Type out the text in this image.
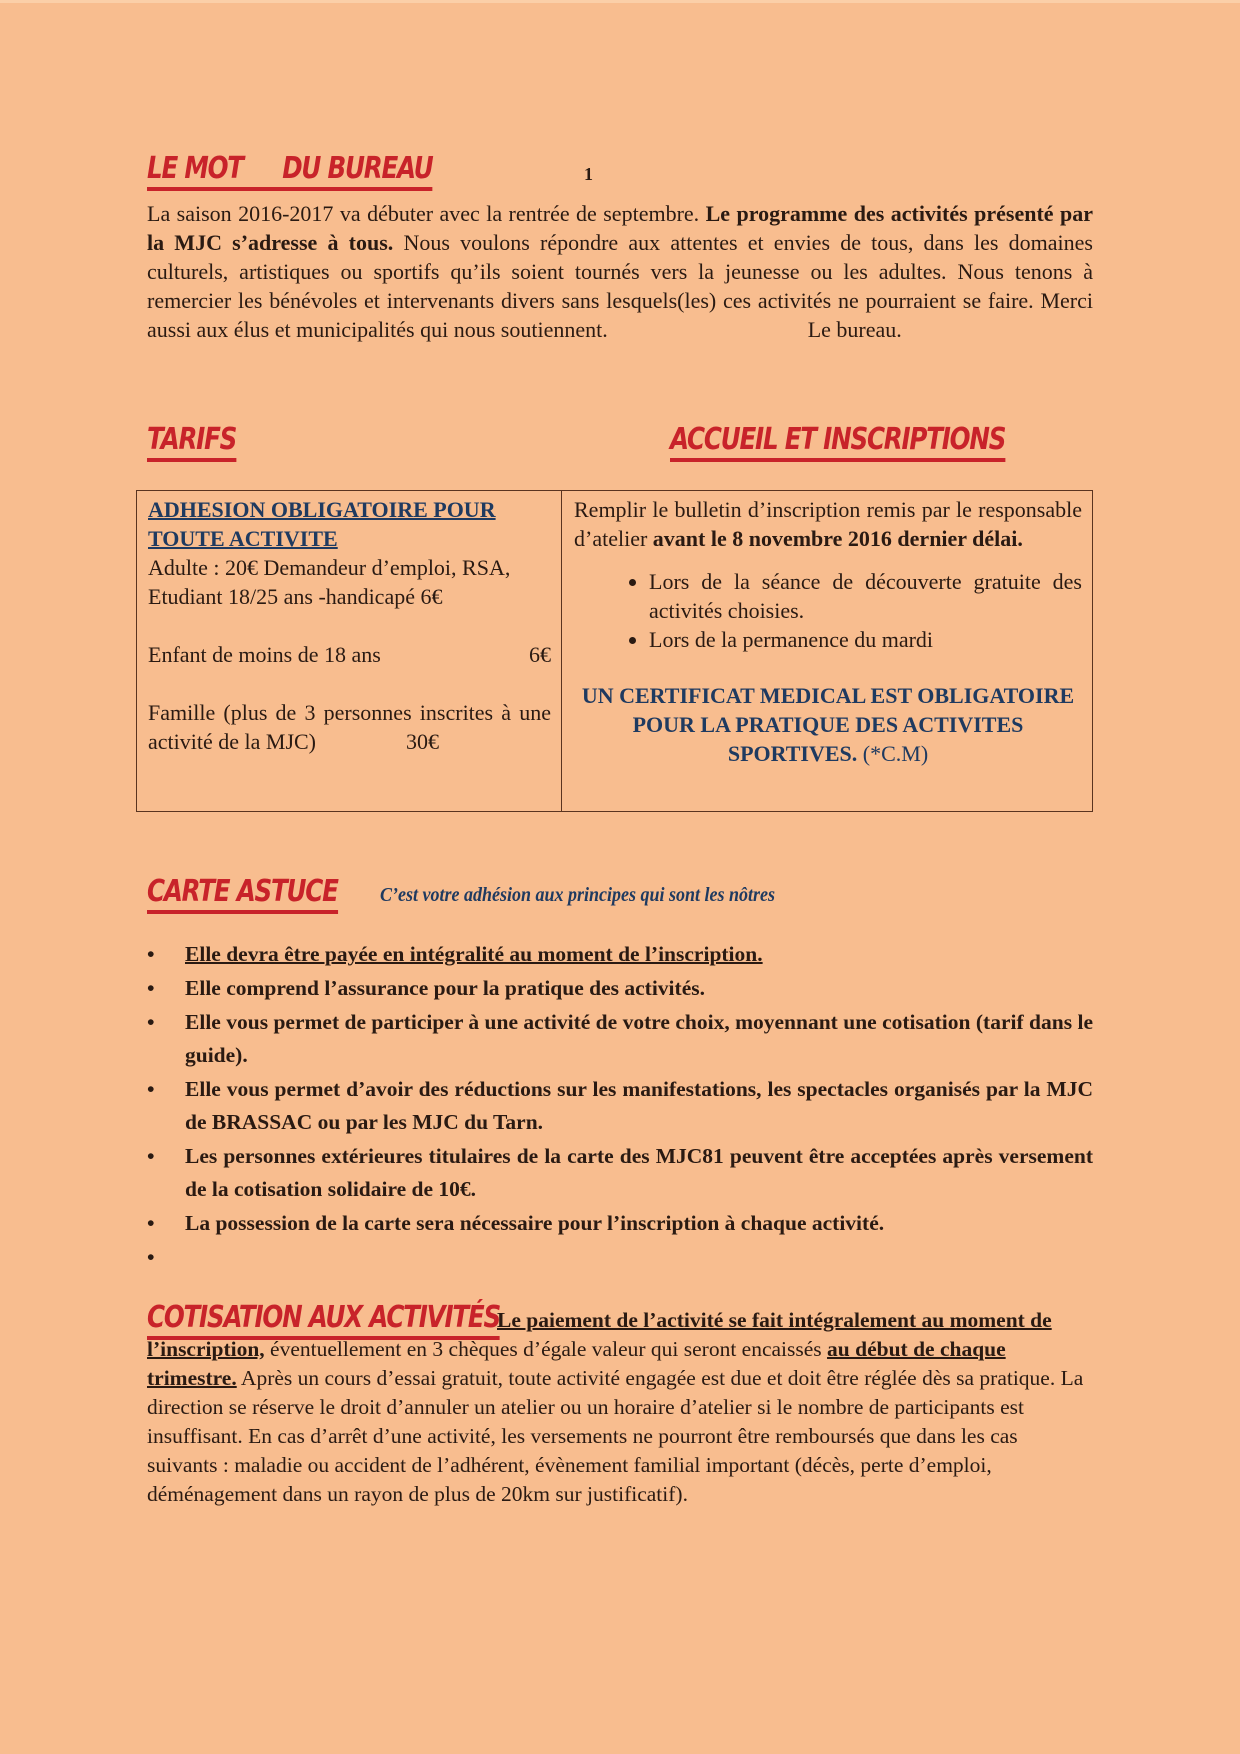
LE MOT DU BUREAU	1
La saison 2016-2017 va débuter avec la rentrée de septembre. Le programme des activités présenté par la MJC s’adresse à tous. Nous voulons répondre aux attentes et envies de tous, dans les domaines culturels, artistiques ou sportifs qu’ils soient tournés vers la jeunesse ou les adultes. Nous tenons à remercier les bénévoles et intervenants divers sans lesquels(les) ces activités ne pourraient se faire. Merci aussi aux élus et municipalités qui nous soutiennent.	Le bureau.
TARIFS	ACCUEIL ET INSCRIPTIONS
ADHESION OBLIGATOIRE POUR TOUTE ACTIVITE
Adulte : 20€ Demandeur d’emploi, RSA, Etudiant 18/25 ans -handicapé 6€
Enfant de moins de 18 ans	6€
Famille (plus de 3 personnes inscrites à une activité de la MJC)	30€
Remplir le bulletin d’inscription remis par le responsable d’atelier avant le 8 novembre 2016 dernier délai.
• Lors de la séance de découverte gratuite des activités choisies.
• Lors de la permanence du mardi
UN CERTIFICAT MEDICAL EST OBLIGATOIRE POUR LA PRATIQUE DES ACTIVITES SPORTIVES. (*C.M)
CARTE ASTUCE C’est votre adhésion aux principes qui sont les nôtres
• Elle devra être payée en intégralité au moment de l’inscription.
• Elle comprend l’assurance pour la pratique des activités.
• Elle vous permet de participer à une activité de votre choix, moyennant une cotisation (tarif dans le guide).
• Elle vous permet d’avoir des réductions sur les manifestations, les spectacles organisés par la MJC de BRASSAC ou par les MJC du Tarn.
• Les personnes extérieures titulaires de la carte des MJC81 peuvent être acceptées après versement de la cotisation solidaire de 10€.
• La possession de la carte sera nécessaire pour l’inscription à chaque activité.
•

COTISATION AUX ACTIVITÉS
Le paiement de l’activité se fait intégralement au moment de l’inscription, éventuellement en 3 chèques d’égale valeur qui seront encaissés au début de chaque trimestre. Après un cours d’essai gratuit, toute activité engagée est due et doit être réglée dès sa pratique. La direction se réserve le droit d’annuler un atelier ou un horaire d’atelier si le nombre de participants est insuffisant. En cas d’arrêt d’une activité, les versements ne pourront être remboursés que dans les cas suivants : maladie ou accident de l’adhérent, évènement familial important (décès, perte d’emploi, déménagement dans un rayon de plus de 20km sur justificatif).
